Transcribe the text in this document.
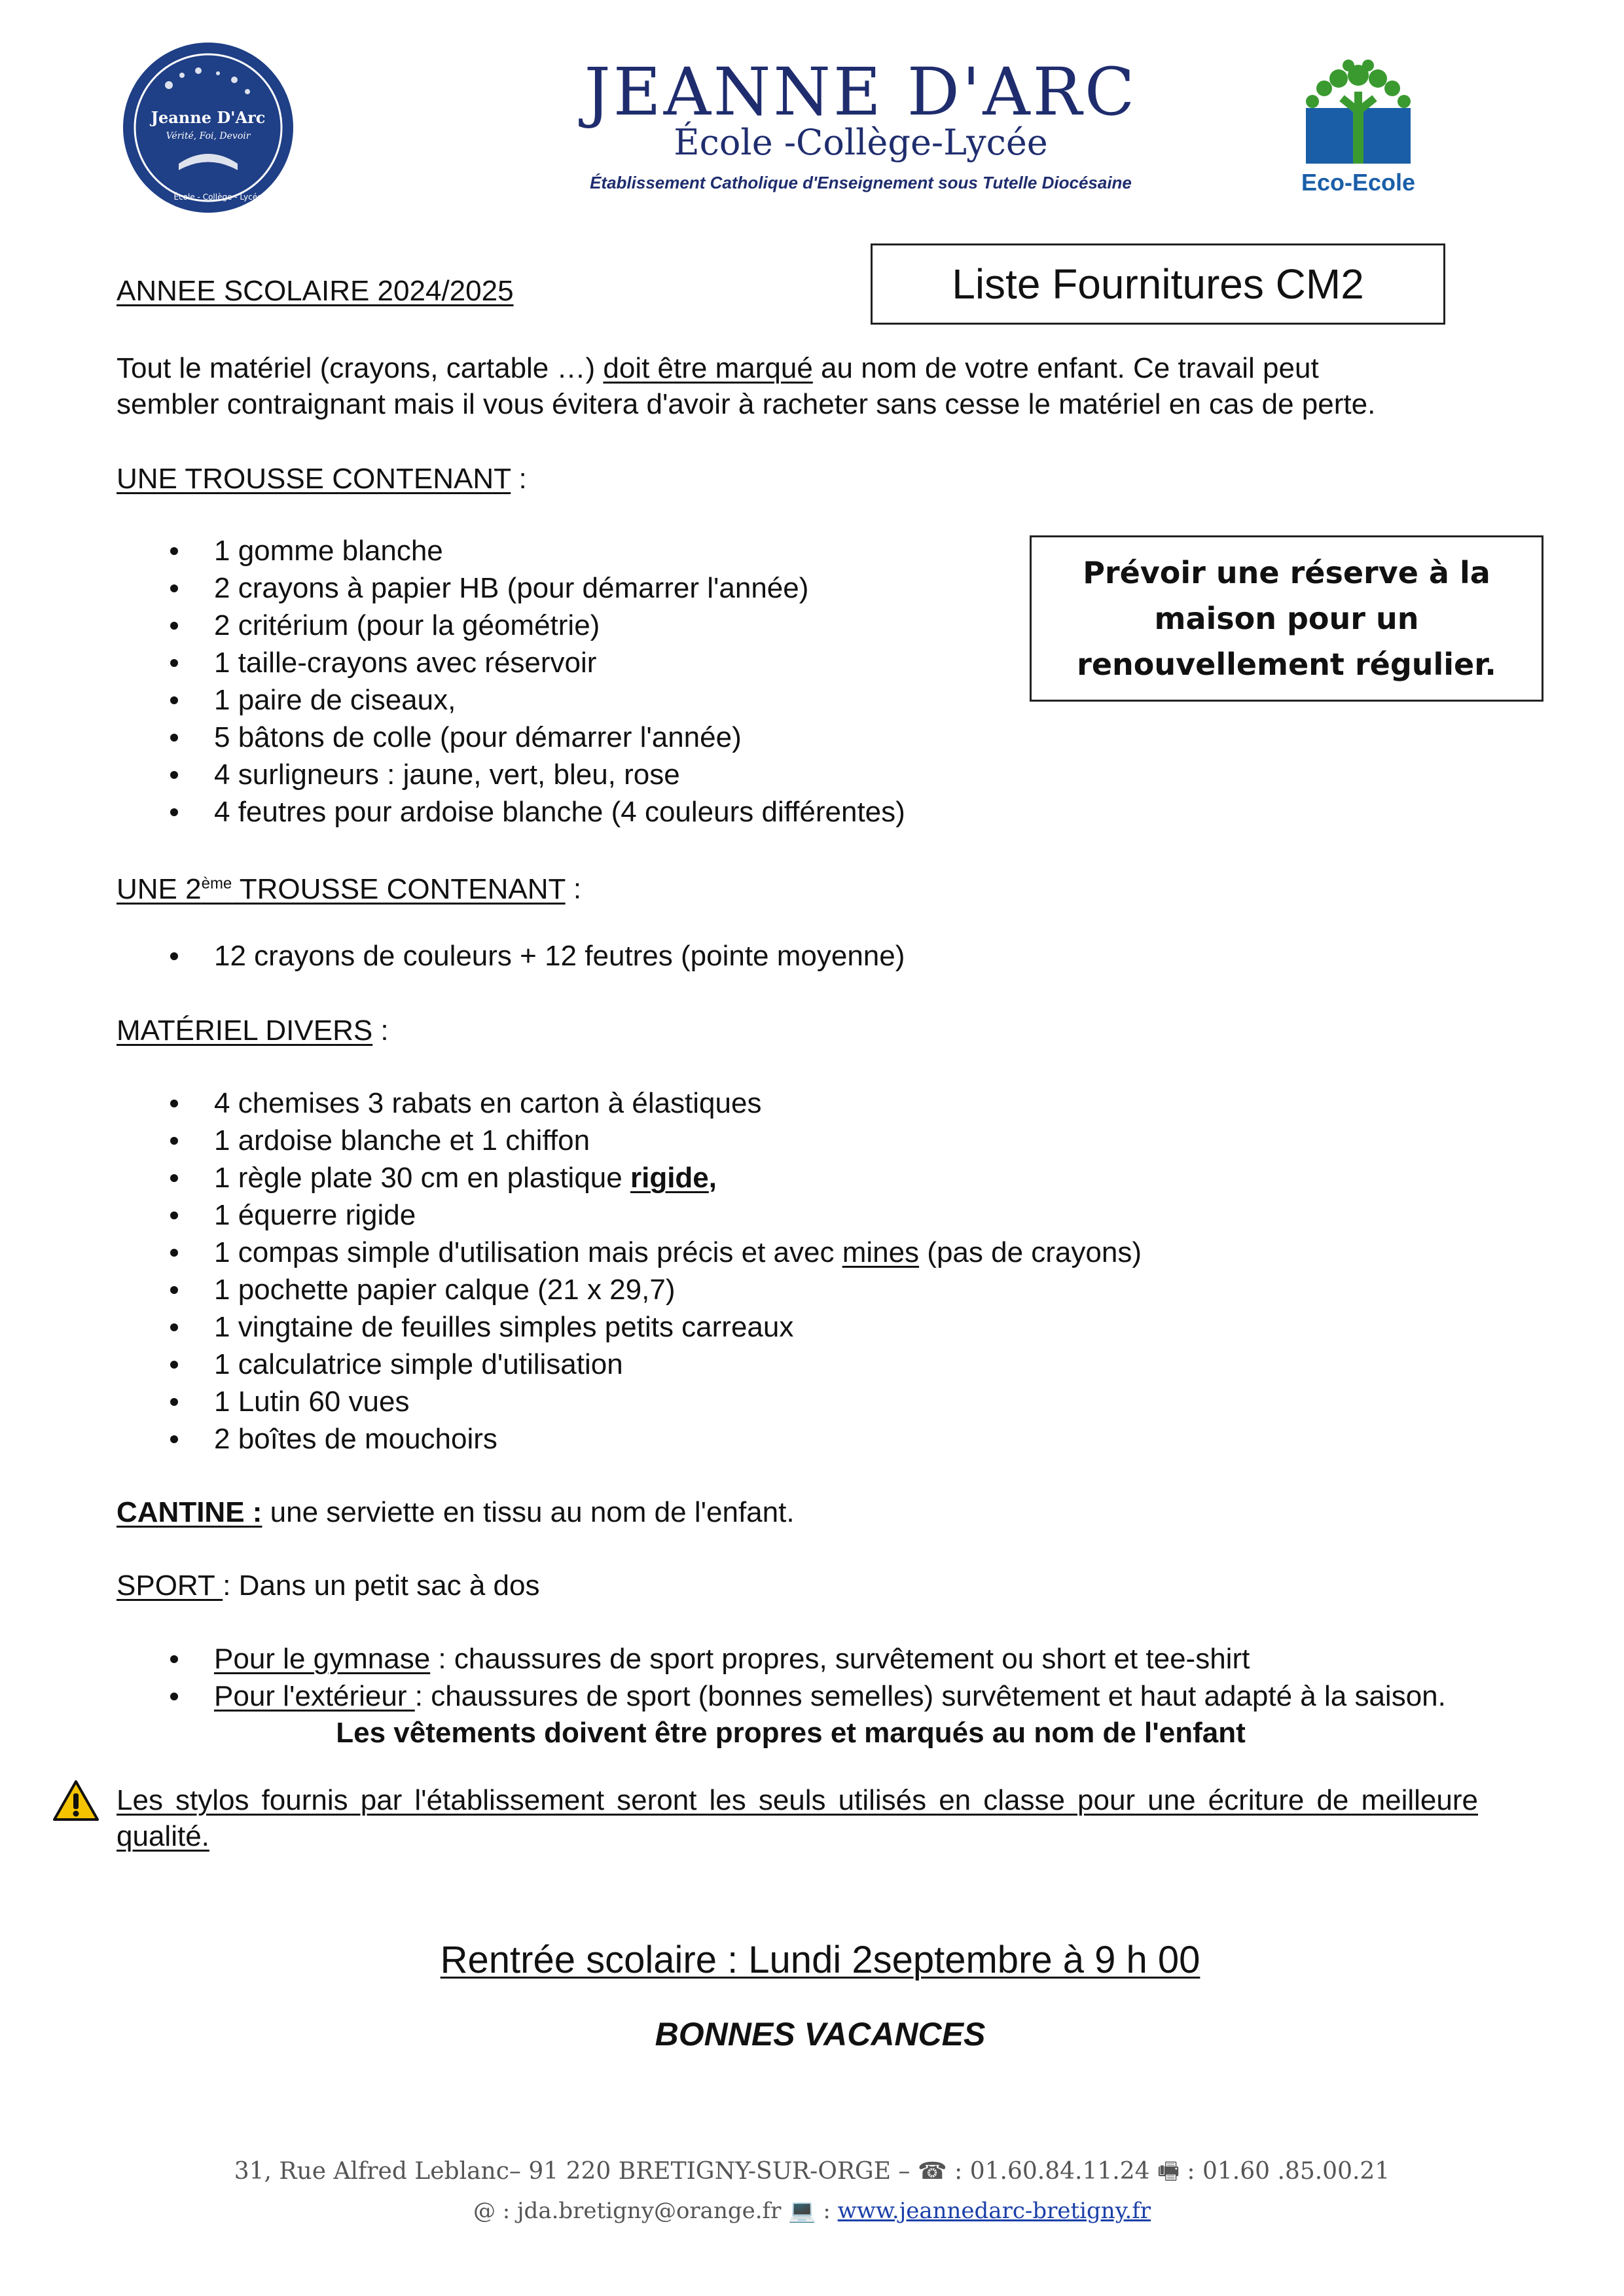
Jeanne D'Arc
Vérité, Foi, Devoir
École - Collège - Lycée
JEANNE D'ARC
École -Collège-Lycée
Établissement Catholique d'Enseignement sous Tutelle Diocésaine	Eco-Ecole
Liste Fournitures CM2
ANNEE SCOLAIRE 2024/2025
Tout le matériel (crayons, cartable …) doit être marqué au nom de votre enfant. Ce travail peut
sembler contraignant mais il vous évitera d'avoir à racheter sans cesse le matériel en cas de perte.
UNE TROUSSE CONTENANT :
Prévoir une réserve à la
maison pour un
renouvellement régulier.
1 gomme blanche
2 crayons à papier HB (pour démarrer l'année)
2 critérium (pour la géométrie)
1 taille-crayons avec réservoir
1 paire de ciseaux,
5 bâtons de colle (pour démarrer l'année)
4 surligneurs : jaune, vert, bleu, rose
4 feutres pour ardoise blanche (4 couleurs différentes)
UNE 2ème TROUSSE CONTENANT :
12 crayons de couleurs + 12 feutres (pointe moyenne)
MATÉRIEL DIVERS :
4 chemises 3 rabats en carton à élastiques
1 ardoise blanche et 1 chiffon
1 règle plate 30 cm en plastique rigide,
1 équerre rigide
1 compas simple d'utilisation mais précis et avec mines (pas de crayons)
1 pochette papier calque (21 x 29,7)
1 vingtaine de feuilles simples petits carreaux
1 calculatrice simple d'utilisation
1 Lutin 60 vues
2 boîtes de mouchoirs
CANTINE : une serviette en tissu au nom de l'enfant.
SPORT : Dans un petit sac à dos
Pour le gymnase : chaussures de sport propres, survêtement ou short et tee-shirt
Pour l'extérieur : chaussures de sport (bonnes semelles) survêtement et haut adapté à la saison.
Les vêtements doivent être propres et marqués au nom de l'enfant
Les stylos fournis par l'établissement seront les seuls utilisés en classe pour une écriture de meilleure
qualité.
Rentrée scolaire : Lundi 2septembre à 9 h 00
BONNES VACANCES
31, Rue Alfred Leblanc– 91 220 BRETIGNY-SUR-ORGE – ☎ : 01.60.84.11.24 🖷 : 01.60 .85.00.21
@ : jda.bretigny@orange.fr 💻 : www.jeannedarc-bretigny.fr
